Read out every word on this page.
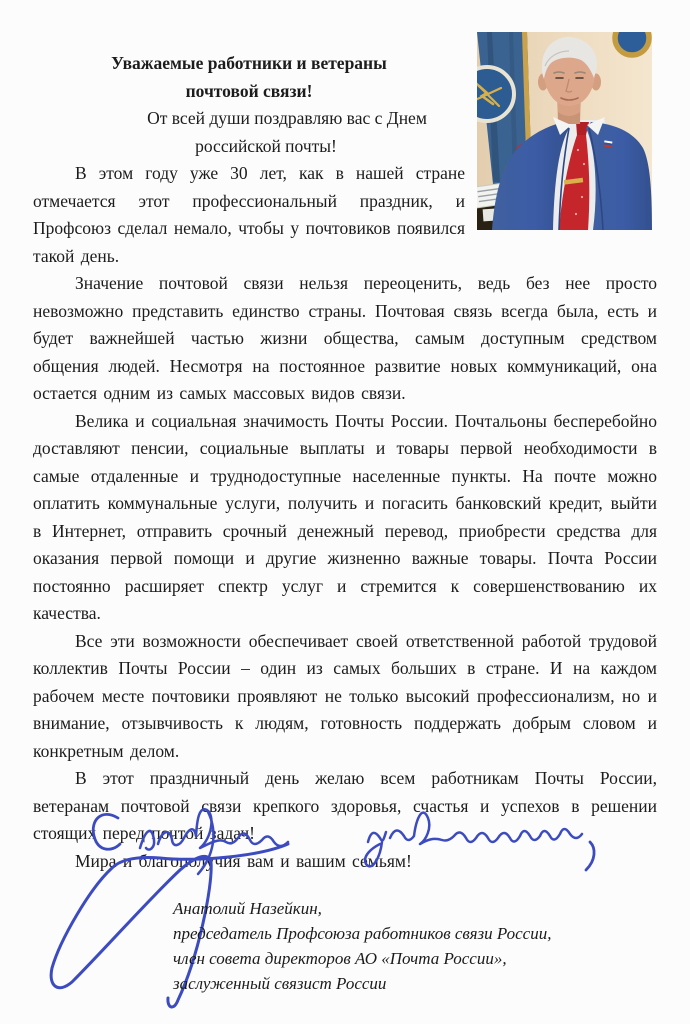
Уважаемые работники и ветераны
почтовой связи!

От всей души поздравляю вас с Днем российской почты!

В этом году уже 30 лет, как в нашей стране отмечается этот профессиональный праздник, и Профсоюз сделал немало, чтобы у почтовиков появился такой день.

Значение почтовой связи нельзя переоценить, ведь без нее просто невозможно представить единство страны. Почтовая связь всегда была, есть и будет важнейшей частью жизни общества, самым доступным средством общения людей. Несмотря на постоянное развитие новых коммуникаций, она остается одним из самых массовых видов связи.

Велика и социальная значимость Почты России. Почтальоны бесперебойно доставляют пенсии, социальные выплаты и товары первой необходимости в самые отдаленные и труднодоступные населенные пункты. На почте можно оплатить коммунальные услуги, получить и погасить банковский кредит, выйти в Интернет, отправить срочный денежный перевод, приобрести средства для оказания первой помощи и другие жизненно важные товары. Почта России постоянно расширяет спектр услуг и стремится к совершенствованию их качества.

Все эти возможности обеспечивает своей ответственной работой трудовой коллектив Почты России – один из самых больших в стране. И на каждом рабочем месте почтовики проявляют не только высокий профессионализм, но и внимание, отзывчивость к людям, готовность поддержать добрым словом и конкретным делом.

В этот праздничный день желаю всем работникам Почты России, ветеранам почтовой связи крепкого здоровья, счастья и успехов в решении стоящих перед почтой задач!

Мира и благополучия вам и вашим семьям!

Анатолий Назейкин,
председатель Профсоюза работников связи России,
член совета директоров АО «Почта России»,
заслуженный связист России
